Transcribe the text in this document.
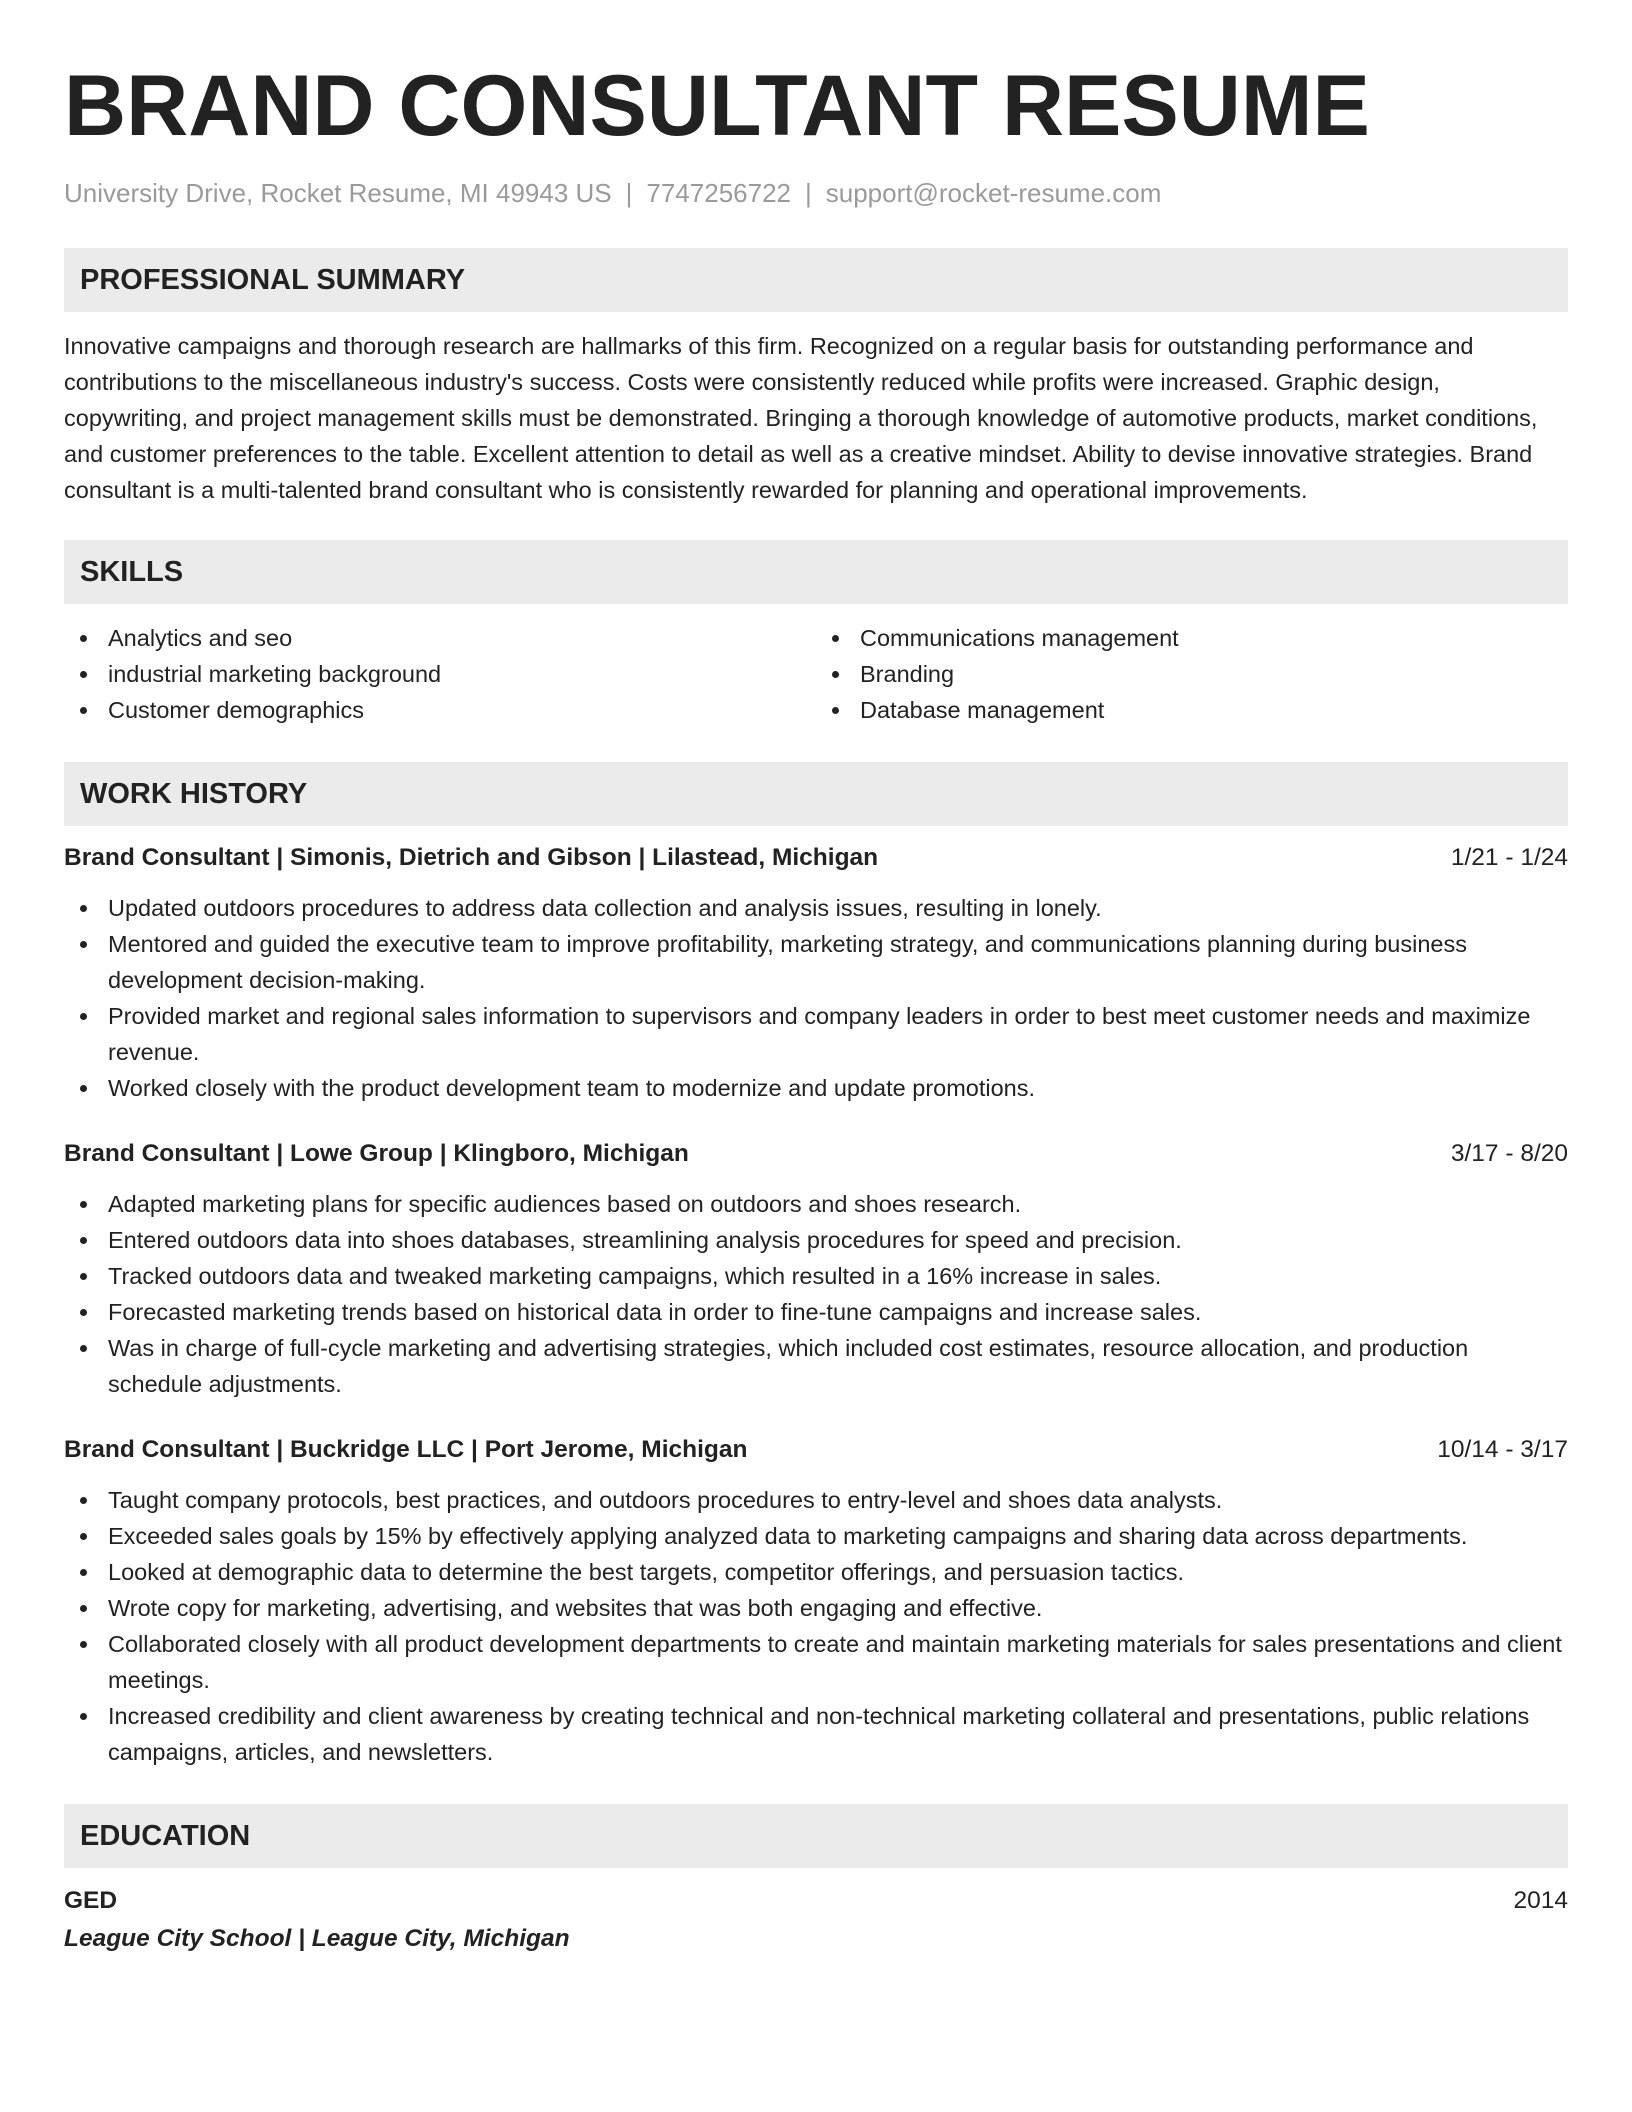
BRAND CONSULTANT RESUME
University Drive, Rocket Resume, MI 49943 US | 7747256722 | support@rocket-resume.com
PROFESSIONAL SUMMARY

Innovative campaigns and thorough research are hallmarks of this firm. Recognized on a regular basis for outstanding performance and contributions to the miscellaneous industry's success. Costs were consistently reduced while profits were increased. Graphic design, copywriting, and project management skills must be demonstrated. Bringing a thorough knowledge of automotive products, market conditions, and customer preferences to the table. Excellent attention to detail as well as a creative mindset. Ability to devise innovative strategies. Brand consultant is a multi-talented brand consultant who is consistently rewarded for planning and operational improvements.

SKILLS
Analytics and seo
industrial marketing background
Customer demographics
Communications management
Branding
Database management
WORK HISTORY
Brand Consultant | Simonis, Dietrich and Gibson | Lilastead, Michigan	1/21 - 1/24
Updated outdoors procedures to address data collection and analysis issues, resulting in lonely.
Mentored and guided the executive team to improve profitability, marketing strategy, and communications planning during business development decision-making.
Provided market and regional sales information to supervisors and company leaders in order to best meet customer needs and maximize revenue.
Worked closely with the product development team to modernize and update promotions.
Brand Consultant | Lowe Group | Klingboro, Michigan	3/17 - 8/20
Adapted marketing plans for specific audiences based on outdoors and shoes research.
Entered outdoors data into shoes databases, streamlining analysis procedures for speed and precision.
Tracked outdoors data and tweaked marketing campaigns, which resulted in a 16% increase in sales.
Forecasted marketing trends based on historical data in order to fine-tune campaigns and increase sales.
Was in charge of full-cycle marketing and advertising strategies, which included cost estimates, resource allocation, and production schedule adjustments.
Brand Consultant | Buckridge LLC | Port Jerome, Michigan	10/14 - 3/17
Taught company protocols, best practices, and outdoors procedures to entry-level and shoes data analysts.
Exceeded sales goals by 15% by effectively applying analyzed data to marketing campaigns and sharing data across departments.
Looked at demographic data to determine the best targets, competitor offerings, and persuasion tactics.
Wrote copy for marketing, advertising, and websites that was both engaging and effective.
Collaborated closely with all product development departments to create and maintain marketing materials for sales presentations and client meetings.
Increased credibility and client awareness by creating technical and non-technical marketing collateral and presentations, public relations campaigns, articles, and newsletters.
EDUCATION
GED	2014
League City School | League City, Michigan
